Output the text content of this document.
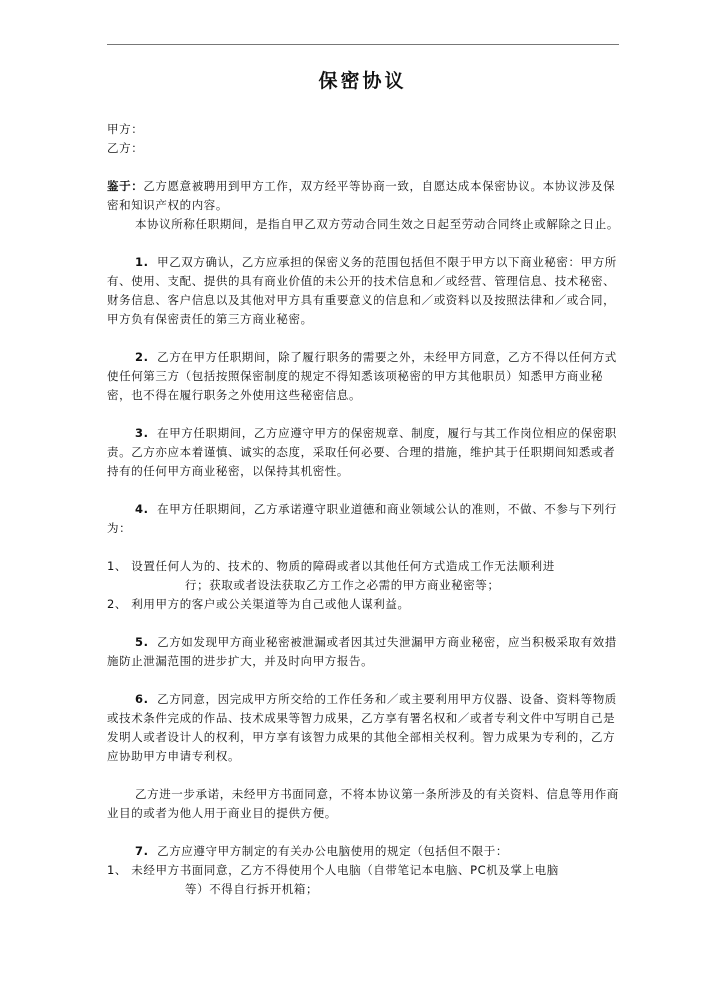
保密协议

甲方：

乙方：

鉴于：乙方愿意被聘用到甲方工作，双方经平等协商一致，自愿达成本保密协议。本协议涉及保密和知识产权的内容。

本协议所称任职期间，是指自甲乙双方劳动合同生效之日起至劳动合同终止或解除之日止。

1. 甲乙双方确认，乙方应承担的保密义务的范围包括但不限于甲方以下商业秘密：甲方所有、使用、支配、提供的具有商业价值的未公开的技术信息和／或经营、管理信息、技术秘密、财务信息、客户信息以及其他对甲方具有重要意义的信息和／或资料以及按照法律和／或合同，甲方负有保密责任的第三方商业秘密。

2. 乙方在甲方任职期间，除了履行职务的需要之外，未经甲方同意，乙方不得以任何方式使任何第三方（包括按照保密制度的规定不得知悉该项秘密的甲方其他职员）知悉甲方商业秘密，也不得在履行职务之外使用这些秘密信息。

3. 在甲方任职期间，乙方应遵守甲方的保密规章、制度，履行与其工作岗位相应的保密职责。乙方亦应本着谨慎、诚实的态度，采取任何必要、合理的措施，维护其于任职期间知悉或者持有的任何甲方商业秘密，以保持其机密性。

4. 在甲方任职期间，乙方承诺遵守职业道德和商业领域公认的准则，不做、不参与下列行为：

1、 设置任何人为的、技术的、物质的障碍或者以其他任何方式造成工作无法顺利进
行；获取或者设法获取乙方工作之必需的甲方商业秘密等；

2、 利用甲方的客户或公关渠道等为自己或他人谋利益。

5. 乙方如发现甲方商业秘密被泄漏或者因其过失泄漏甲方商业秘密，应当积极采取有效措施防止泄漏范围的进步扩大，并及时向甲方报告。

6. 乙方同意，因完成甲方所交给的工作任务和／或主要利用甲方仪器、设备、资料等物质或技术条件完成的作品、技术成果等智力成果，乙方享有署名权和／或者专利文件中写明自己是发明人或者设计人的权利，甲方享有该智力成果的其他全部相关权利。智力成果为专利的，乙方应协助甲方申请专利权。

乙方进一步承诺，未经甲方书面同意，不将本协议第一条所涉及的有关资料、信息等用作商业目的或者为他人用于商业目的提供方便。

7. 乙方应遵守甲方制定的有关办公电脑使用的规定（包括但不限于：

1、 未经甲方书面同意，乙方不得使用个人电脑（自带笔记本电脑、PC机及掌上电脑
等）不得自行拆开机箱；
